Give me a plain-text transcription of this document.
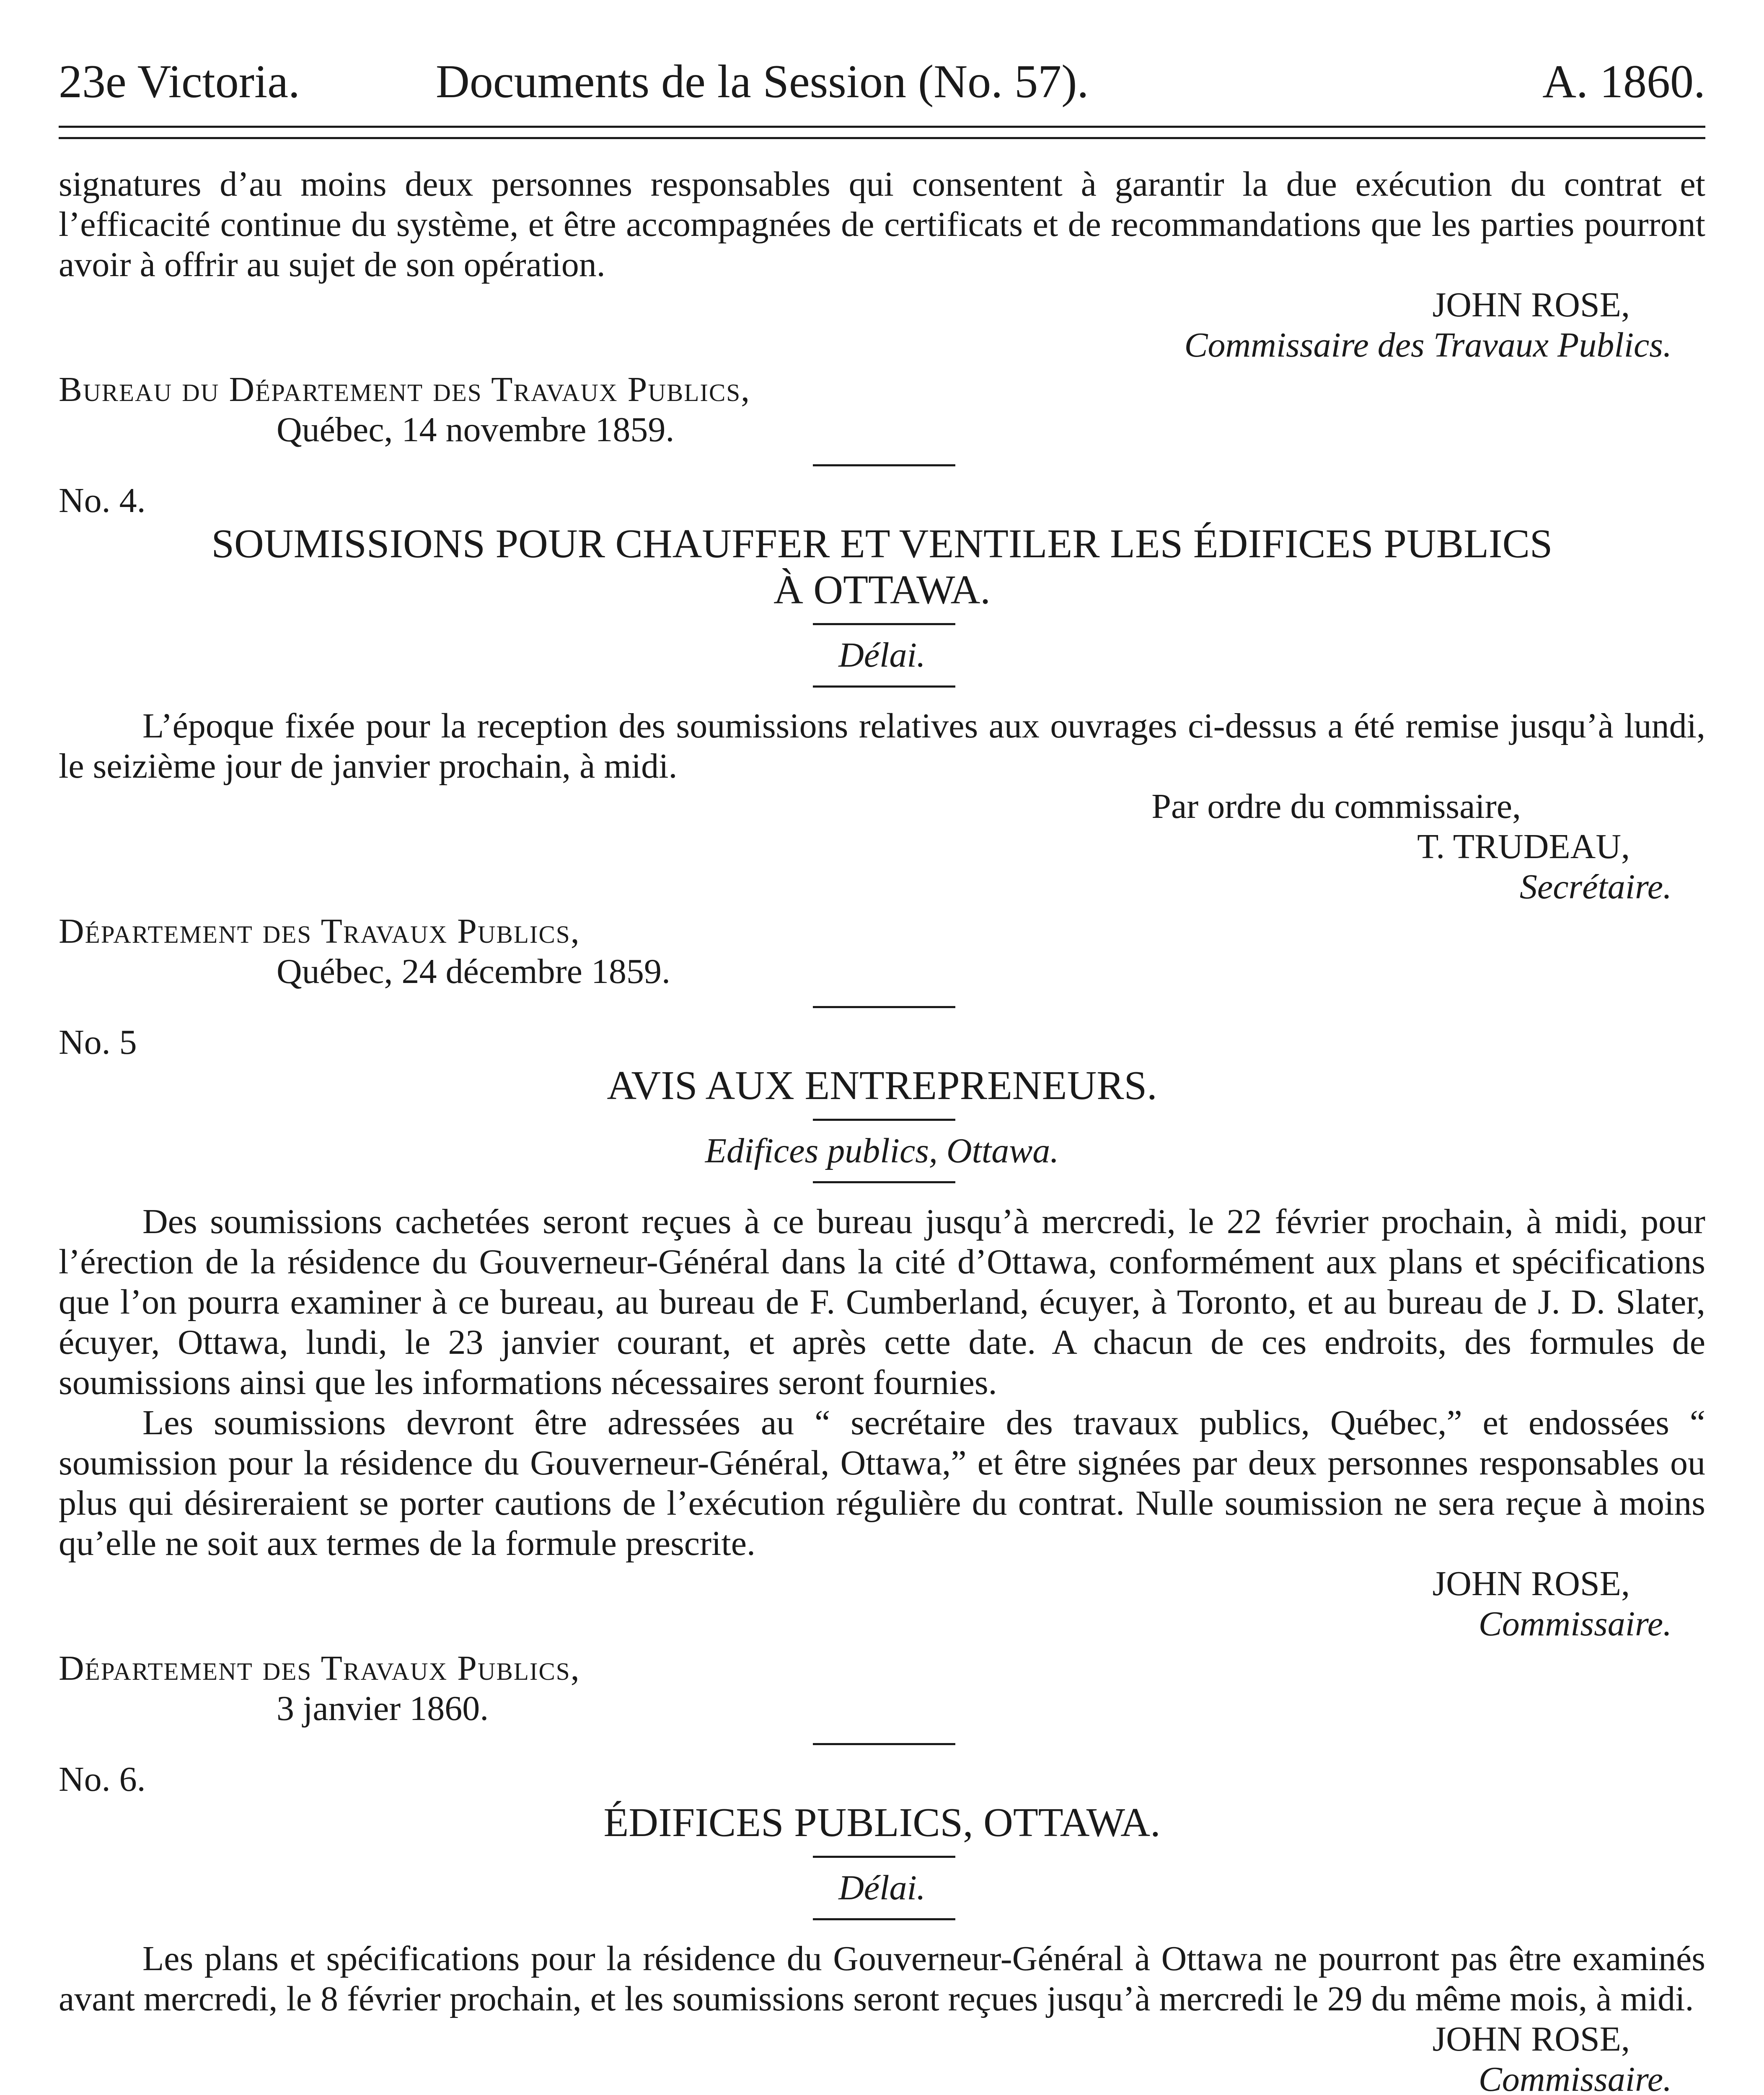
23e Victoria.	Documents de la Session (No. 57).	A. 1860.

signatures d’au moins deux personnes responsables qui consentent à garantir la due exécution du contrat et l’efficacité continue du système, et être accompagnées de certificats et de recommandations que les parties pourront avoir à offrir au sujet de son opération.

JOHN ROSE,

Commissaire des Travaux Publics.

Bureau du Département des Travaux Publics,

Québec, 14 novembre 1859.

No. 4.

SOUMISSIONS POUR CHAUFFER ET VENTILER LES ÉDIFICES PUBLICS

À OTTAWA.

Délai.

L’époque fixée pour la reception des soumissions relatives aux ouvrages ci-dessus a été remise jusqu’à lundi, le seizième jour de janvier prochain, à midi.

Par ordre du commissaire,

T. TRUDEAU,

Secrétaire.

Département des Travaux Publics,

Québec, 24 décembre 1859.

No. 5

AVIS AUX ENTREPRENEURS.

Edifices publics, Ottawa.

Des soumissions cachetées seront reçues à ce bureau jusqu’à mercredi, le 22 février prochain, à midi, pour l’érection de la résidence du Gouverneur-Général dans la cité d’Ottawa, conformément aux plans et spécifications que l’on pourra examiner à ce bureau, au bureau de F. Cumberland, écuyer, à Toronto, et au bureau de J. D. Slater, écuyer, Ottawa, lundi, le 23 janvier courant, et après cette date. A chacun de ces endroits, des formules de soumissions ainsi que les informations nécessaires seront fournies.

Les soumissions devront être adressées au “ secrétaire des travaux publics, Québec,” et endossées “ soumission pour la résidence du Gouverneur-Général, Ottawa,” et être signées par deux personnes responsables ou plus qui désireraient se porter cautions de l’exécution régulière du contrat. Nulle soumission ne sera reçue à moins qu’elle ne soit aux termes de la formule prescrite.

JOHN ROSE,

Commissaire.

Département des Travaux Publics,

3 janvier 1860.

No. 6.

ÉDIFICES PUBLICS, OTTAWA.

Délai.

Les plans et spécifications pour la résidence du Gouverneur-Général à Ottawa ne pourront pas être examinés avant mercredi, le 8 février prochain, et les soumissions seront reçues jusqu’à mercredi le 29 du même mois, à midi.

JOHN ROSE,

Commissaire.
